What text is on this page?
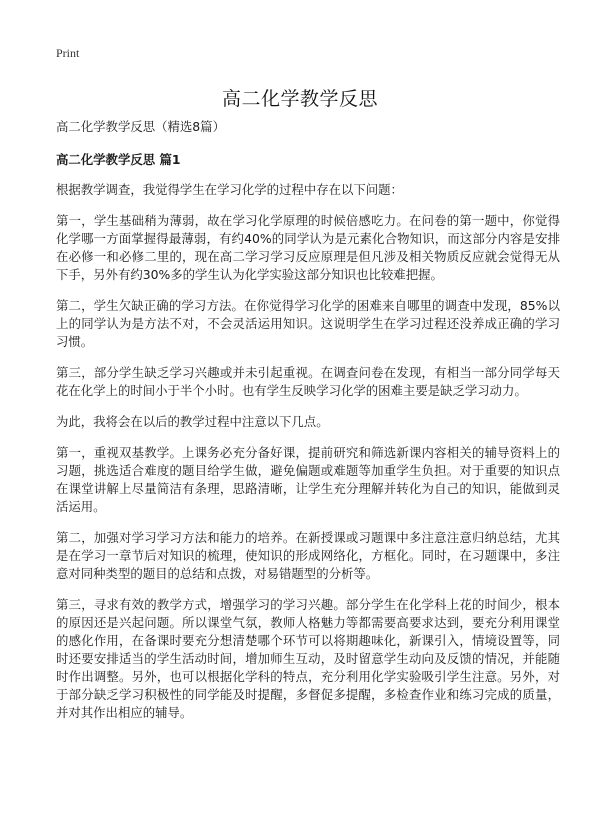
Print
高二化学教学反思

高二化学教学反思（精选8篇）

高二化学教学反思 篇1

根据教学调查，我觉得学生在学习化学的过程中存在以下问题：

第一，学生基础稍为薄弱，故在学习化学原理的时候倍感吃力。在问卷的第一题中，你觉得化学哪一方面掌握得最薄弱，有约40%的同学认为是元素化合物知识，而这部分内容是安排在必修一和必修二里的，现在高二学习学习反应原理是但凡涉及相关物质反应就会觉得无从下手，另外有约30%多的学生认为化学实验这部分知识也比较难把握。

第二，学生欠缺正确的学习方法。在你觉得学习化学的困难来自哪里的调查中发现，85%以上的同学认为是方法不对，不会灵活运用知识。这说明学生在学习过程还没养成正确的学习习惯。

第三，部分学生缺乏学习兴趣或并未引起重视。在调查问卷在发现，有相当一部分同学每天花在化学上的时间小于半个小时。也有学生反映学习化学的困难主要是缺乏学习动力。

为此，我将会在以后的教学过程中注意以下几点。

第一，重视双基教学。上课务必充分备好课，提前研究和筛选新课内容相关的辅导资料上的习题，挑选适合难度的题目给学生做，避免偏题或难题等加重学生负担。对于重要的知识点在课堂讲解上尽量简洁有条理，思路清晰，让学生充分理解并转化为自己的知识，能做到灵活运用。

第二，加强对学习学习方法和能力的培养。在新授课或习题课中多注意注意归纳总结，尤其是在学习一章节后对知识的梳理，使知识的形成网络化，方框化。同时，在习题课中，多注意对同种类型的题目的总结和点拨，对易错题型的分析等。

第三，寻求有效的教学方式，增强学习的学习兴趣。部分学生在化学科上花的时间少，根本的原因还是兴起问题。所以课堂气氛，教师人格魅力等都需要高要求达到，要充分利用课堂的感化作用，在备课时要充分想清楚哪个环节可以将期趣味化，新课引入，情境设置等，同时还要安排适当的学生活动时间，增加师生互动，及时留意学生动向及反馈的情况，并能随时作出调整。另外，也可以根据化学科的特点，充分利用化学实验吸引学生注意。另外，对于部分缺乏学习积极性的同学能及时提醒，多督促多提醒，多检查作业和练习完成的质量，并对其作出相应的辅导。
